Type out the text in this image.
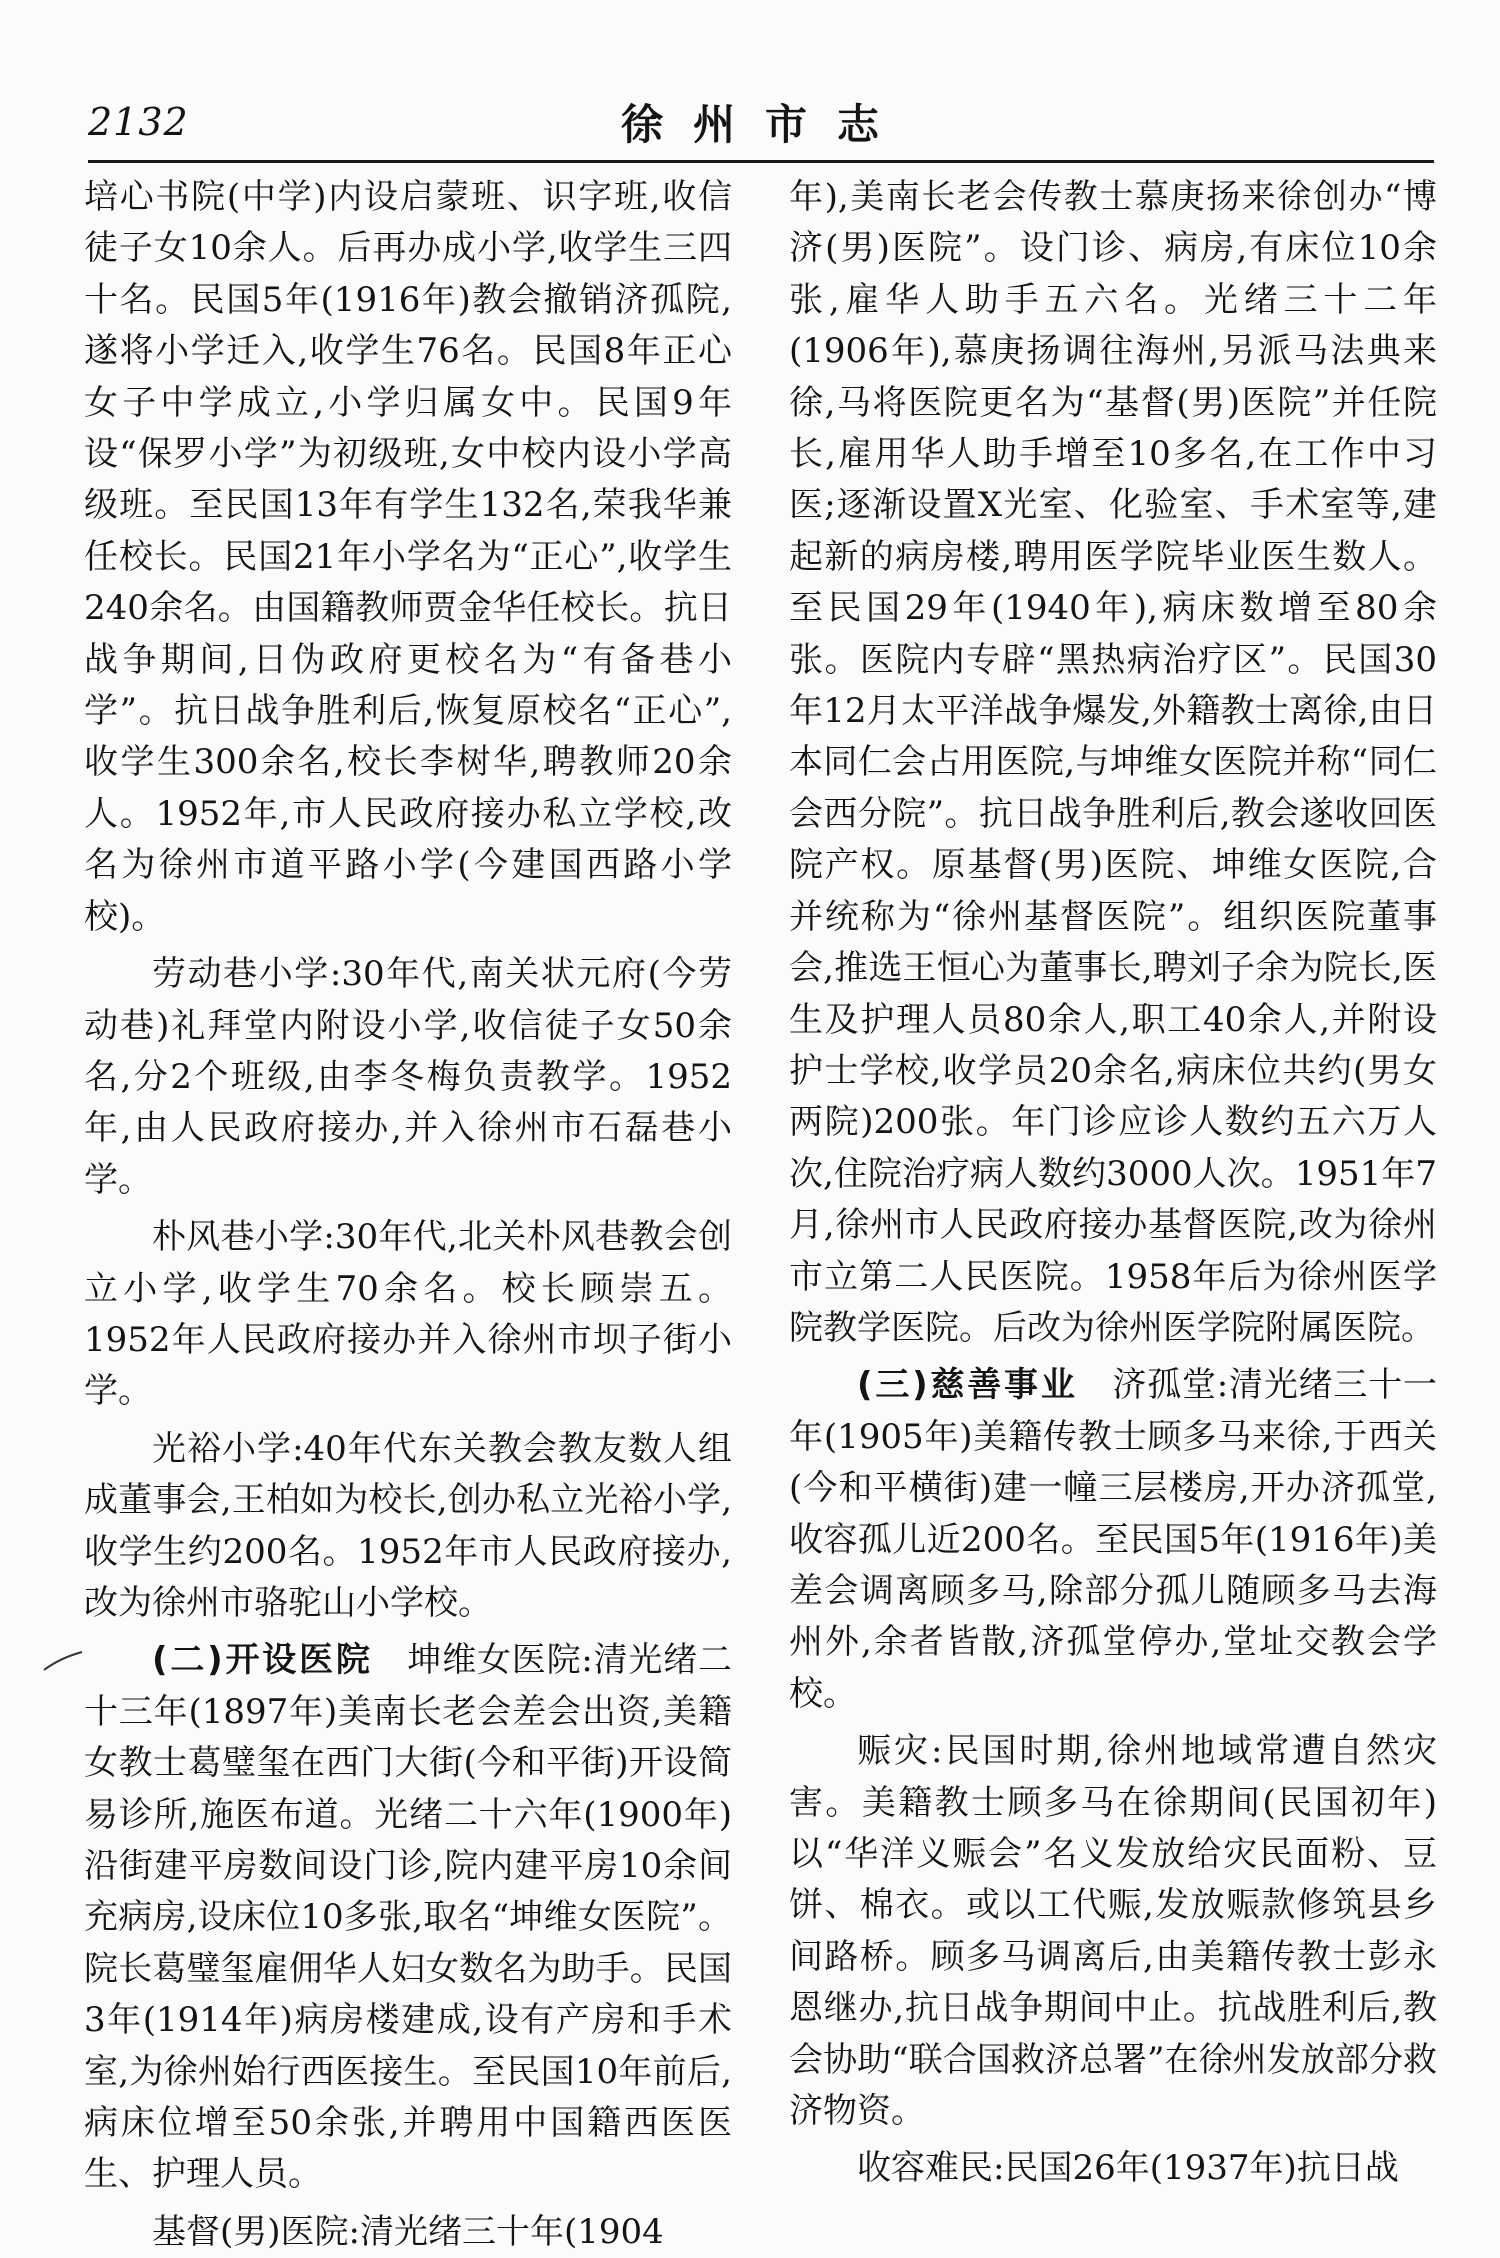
2132	徐州市志

培心书院(中学)内设启蒙班、识字班,收信徒子女10余人。后再办成小学,收学生三四十名。民国5年(1916年)教会撤销济孤院,遂将小学迁入,收学生76名。民国8年正心女子中学成立,小学归属女中。民国9年设“保罗小学”为初级班,女中校内设小学高级班。至民国13年有学生132名,荣我华兼任校长。民国21年小学名为“正心”,收学生240余名。由国籍教师贾金华任校长。抗日战争期间,日伪政府更校名为“有备巷小学”。抗日战争胜利后,恢复原校名“正心”,收学生300余名,校长李树华,聘教师20余人。1952年,市人民政府接办私立学校,改名为徐州市道平路小学(今建国西路小学校)。

劳动巷小学:30年代,南关状元府(今劳动巷)礼拜堂内附设小学,收信徒子女50余名,分2个班级,由李冬梅负责教学。1952年,由人民政府接办,并入徐州市石磊巷小学。

朴风巷小学:30年代,北关朴风巷教会创立小学,收学生70余名。校长顾崇五。1952年人民政府接办并入徐州市坝子街小学。

光裕小学:40年代东关教会教友数人组成董事会,王柏如为校长,创办私立光裕小学,收学生约200名。1952年市人民政府接办,改为徐州市骆驼山小学校。

(二)开设医院  坤维女医院:清光绪二十三年(1897年)美南长老会差会出资,美籍女教士葛璧玺在西门大街(今和平街)开设简易诊所,施医布道。光绪二十六年(1900年)沿街建平房数间设门诊,院内建平房10余间充病房,设床位10多张,取名“坤维女医院”。院长葛璧玺雇佣华人妇女数名为助手。民国3年(1914年)病房楼建成,设有产房和手术室,为徐州始行西医接生。至民国10年前后,病床位增至50余张,并聘用中国籍西医医生、护理人员。

基督(男)医院:清光绪三十年(1904

年),美南长老会传教士慕庚扬来徐创办“博济(男)医院”。设门诊、病房,有床位10余张,雇华人助手五六名。光绪三十二年(1906年),慕庚扬调往海州,另派马法典来徐,马将医院更名为“基督(男)医院”并任院长,雇用华人助手增至10多名,在工作中习医;逐渐设置X光室、化验室、手术室等,建起新的病房楼,聘用医学院毕业医生数人。至民国29年(1940年),病床数增至80余张。医院内专辟“黑热病治疗区”。民国30年12月太平洋战争爆发,外籍教士离徐,由日本同仁会占用医院,与坤维女医院并称“同仁会西分院”。抗日战争胜利后,教会遂收回医院产权。原基督(男)医院、坤维女医院,合并统称为“徐州基督医院”。组织医院董事会,推选王恒心为董事长,聘刘子余为院长,医生及护理人员80余人,职工40余人,并附设护士学校,收学员20余名,病床位共约(男女两院)200张。年门诊应诊人数约五六万人次,住院治疗病人数约3000人次。1951年7月,徐州市人民政府接办基督医院,改为徐州市立第二人民医院。1958年后为徐州医学院教学医院。后改为徐州医学院附属医院。

(三)慈善事业  济孤堂:清光绪三十一年(1905年)美籍传教士顾多马来徐,于西关(今和平横街)建一幢三层楼房,开办济孤堂,收容孤儿近200名。至民国5年(1916年)美差会调离顾多马,除部分孤儿随顾多马去海州外,余者皆散,济孤堂停办,堂址交教会学校。

赈灾:民国时期,徐州地域常遭自然灾害。美籍教士顾多马在徐期间(民国初年)以“华洋义赈会”名义发放给灾民面粉、豆饼、棉衣。或以工代赈,发放赈款修筑县乡间路桥。顾多马调离后,由美籍传教士彭永恩继办,抗日战争期间中止。抗战胜利后,教会协助“联合国救济总署”在徐州发放部分救济物资。

收容难民:民国26年(1937年)抗日战
